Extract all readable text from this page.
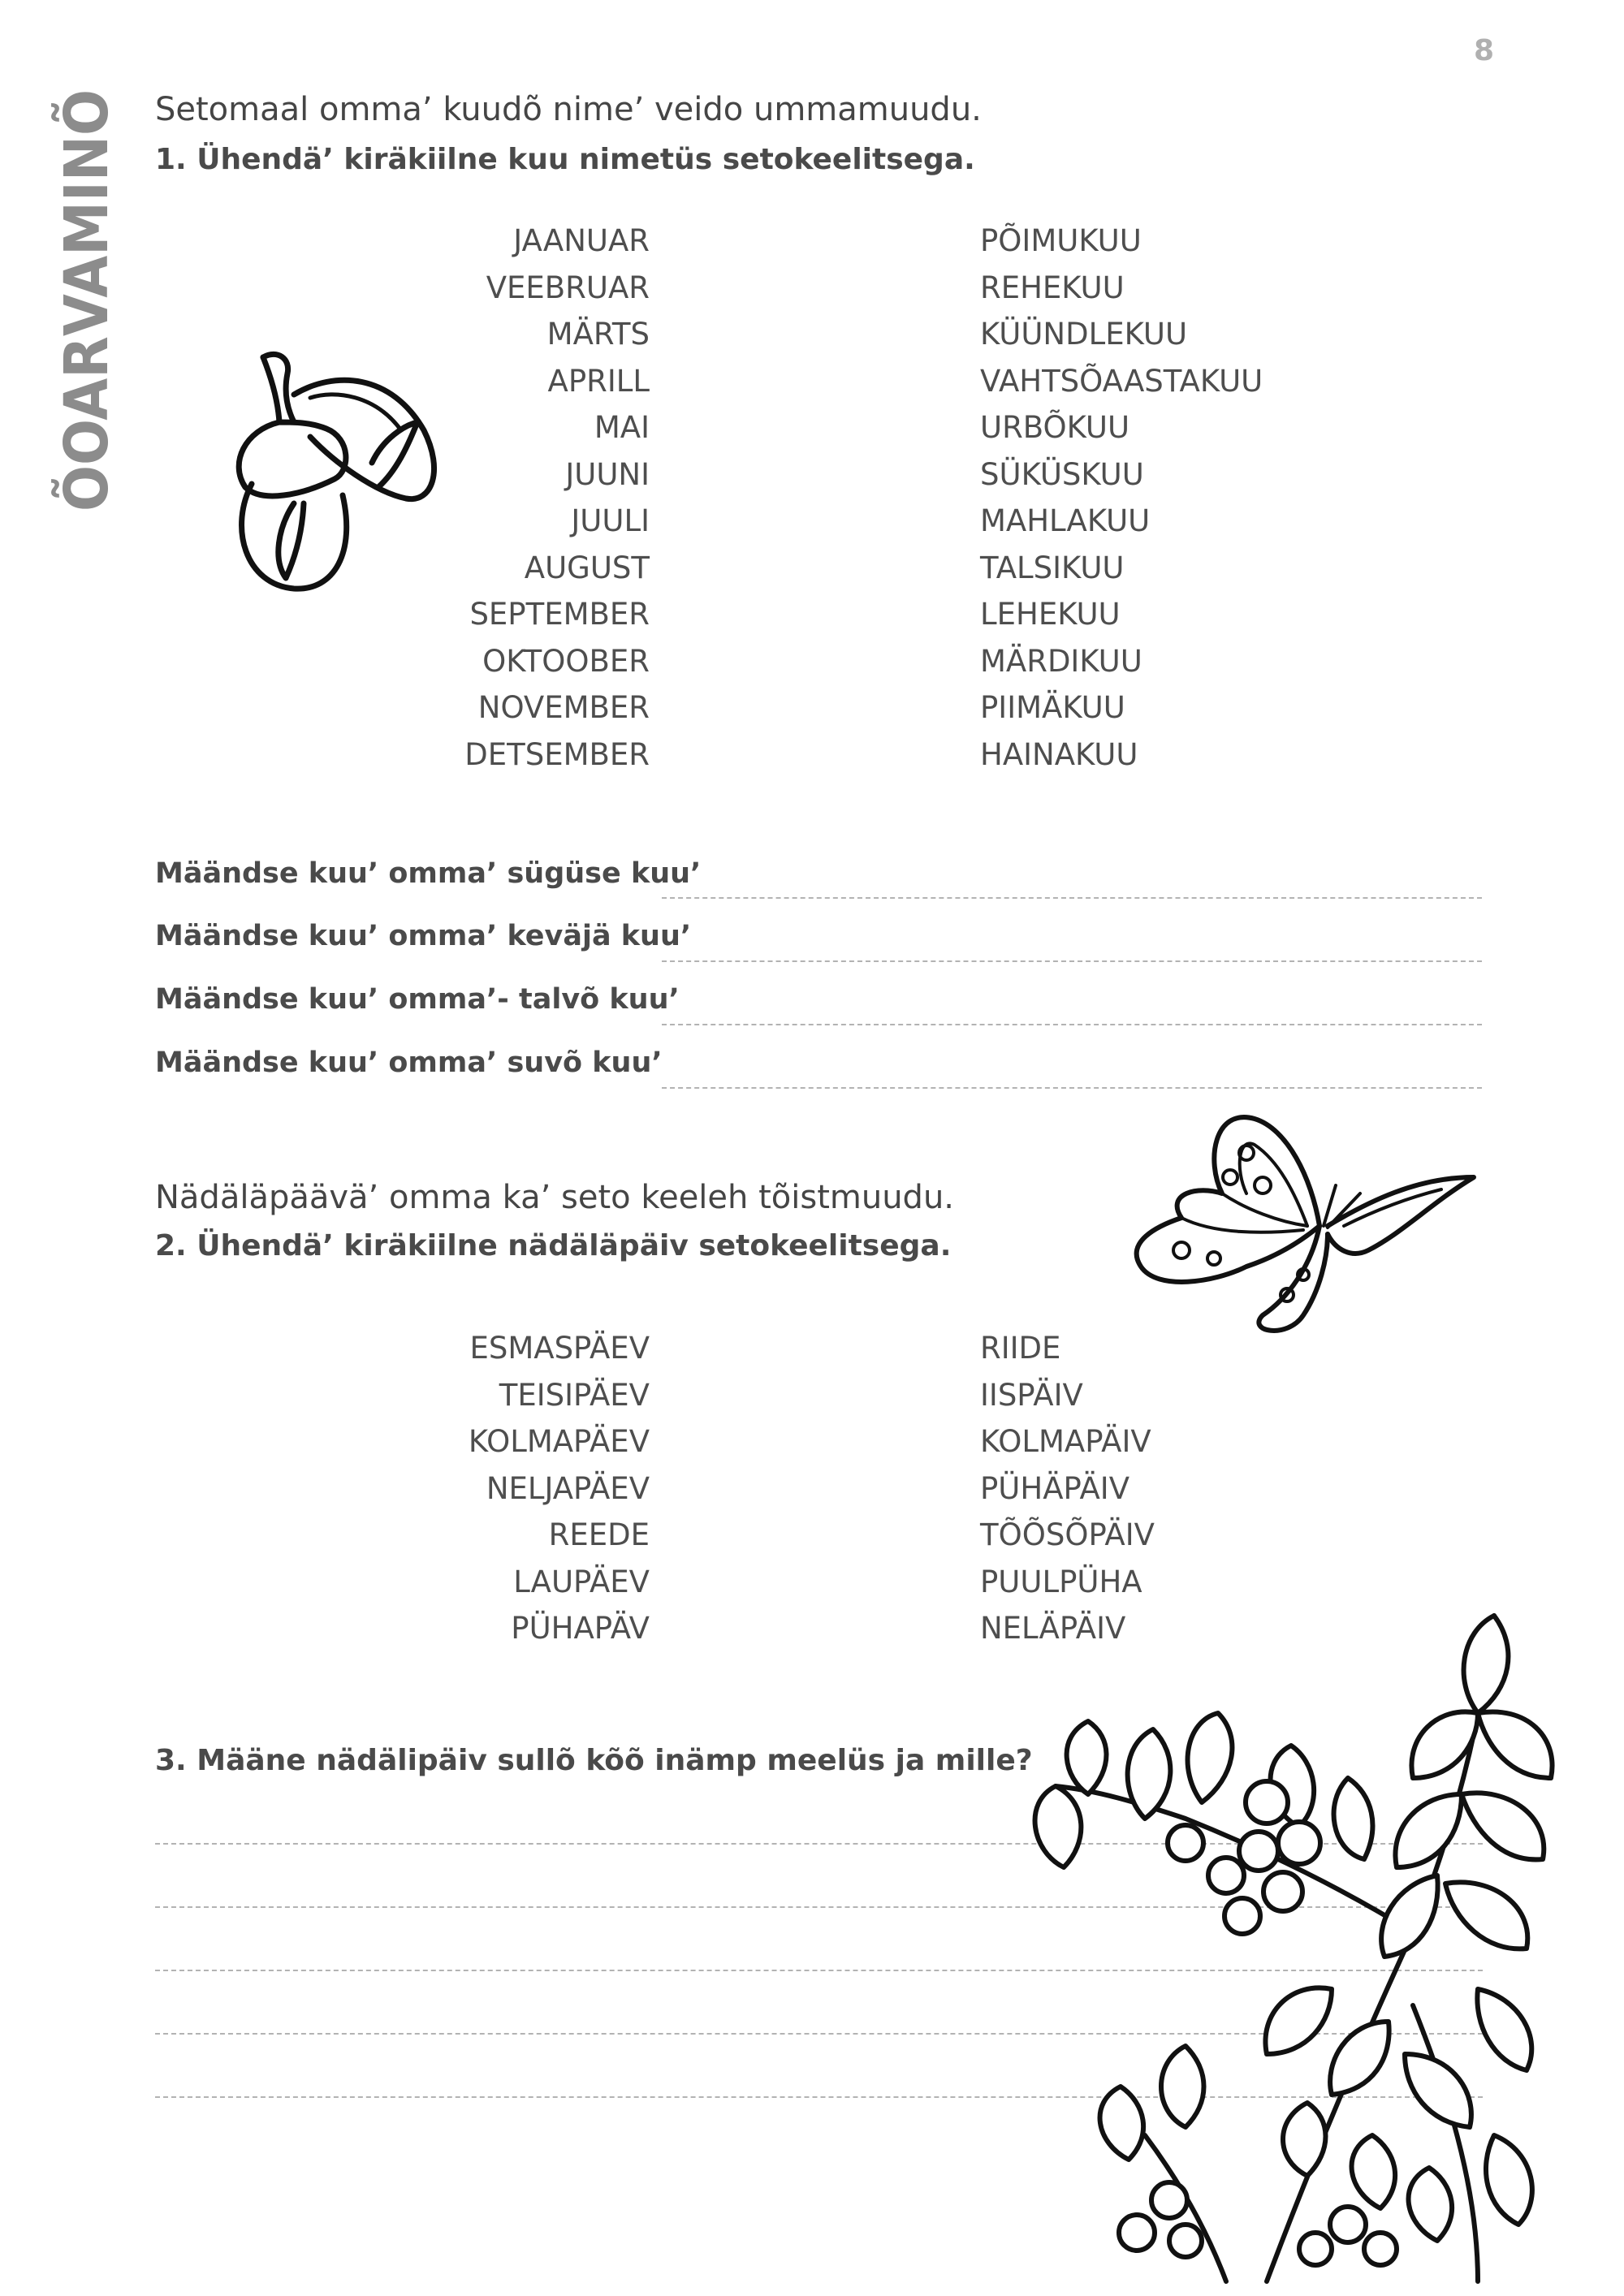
8
ÕOARVAMINÕ Setomaal omma’ kuudõ nime’ veido ummamuudu.
1. Ühendä’ kiräkiilne kuu nimetüs setokeelitsega.
JAANUAR
VEEBRUAR
MÄRTS
APRILL
MAI
JUUNI
JUULI
AUGUST
SEPTEMBER
OKTOOBER
NOVEMBER
DETSEMBER
PÕIMUKUU
REHEKUU
KÜÜNDLEKUU
VAHTSÕAASTAKUU
URBÕKUU
SÜKÜSKUU
MAHLAKUU
TALSIKUU
LEHEKUU
MÄRDIKUU
PIIMÄKUU
HAINAKUU
Määndse kuu’ omma’ sügüse kuu’
Määndse kuu’ omma’ keväjä kuu’
Määndse kuu’ omma’- talvõ kuu’
Määndse kuu’ omma’ suvõ kuu’
Nädäläpäävä’ omma ka’ seto keeleh tõistmuudu.
2. Ühendä’ kiräkiilne nädäläpäiv setokeelitsega.
ESMASPÄEV
TEISIPÄEV
KOLMAPÄEV
NELJAPÄEV
REEDE
LAUPÄEV
PÜHAPÄV
RIIDE
IISPÄIV
KOLMAPÄIV
PÜHÄPÄIV
TÕÕSÕPÄIV
PUULPÜHA
NELÄPÄIV
3. Määne nädälipäiv sullõ kõõ inämp meelüs ja mille?
